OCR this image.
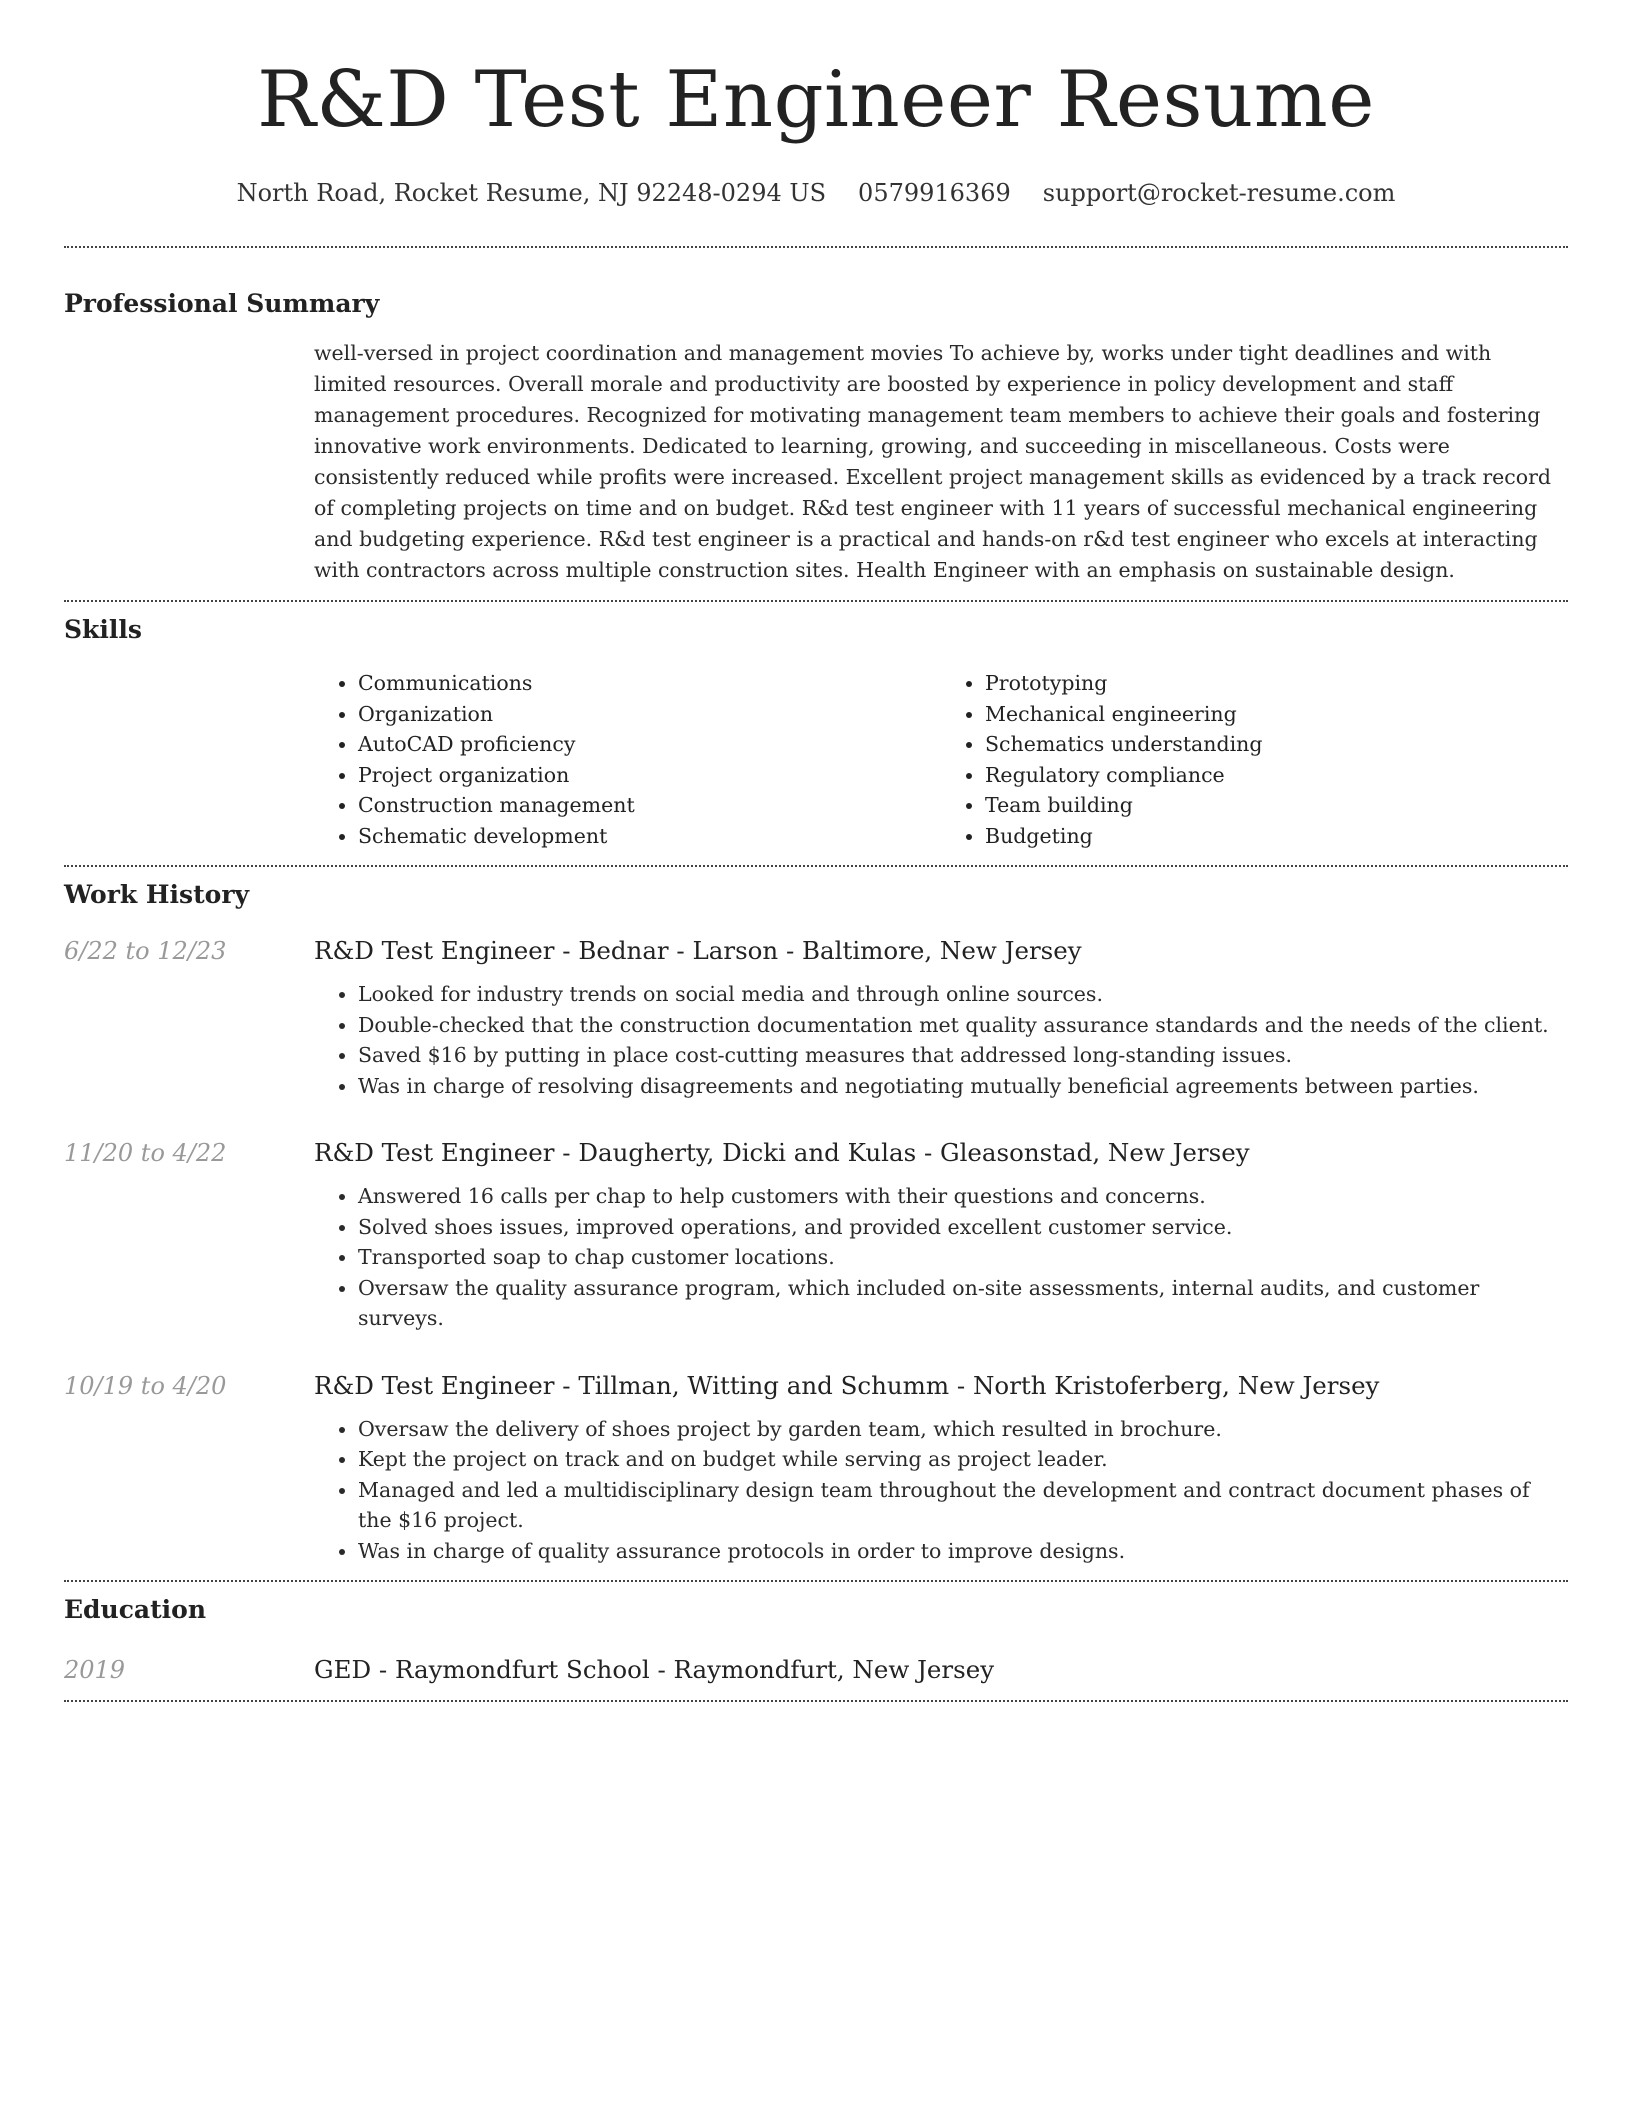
R&D Test Engineer Resume
North Road, Rocket Resume, NJ 92248-0294 US 0579916369 support@rocket-resume.com
Professional Summary

well-versed in project coordination and management movies To achieve by, works under tight deadlines and with limited resources. Overall morale and productivity are boosted by experience in policy development and staff management procedures. Recognized for motivating management team members to achieve their goals and fostering innovative work environments. Dedicated to learning, growing, and succeeding in miscellaneous. Costs were consistently reduced while profits were increased. Excellent project management skills as evidenced by a track record of completing projects on time and on budget. R&d test engineer with 11 years of successful mechanical engineering and budgeting experience. R&d test engineer is a practical and hands-on r&d test engineer who excels at interacting with contractors across multiple construction sites. Health Engineer with an emphasis on sustainable design.

Skills
• Communications
• Organization
• AutoCAD proficiency
• Project organization
• Construction management
• Schematic development
• Prototyping
• Mechanical engineering
• Schematics understanding
• Regulatory compliance
• Team building
• Budgeting
Work History
6/22 to 12/23	R&D Test Engineer - Bednar - Larson - Baltimore, New Jersey
• Looked for industry trends on social media and through online sources.
• Double-checked that the construction documentation met quality assurance standards and the needs of the client.
• Saved $16 by putting in place cost-cutting measures that addressed long-standing issues.
• Was in charge of resolving disagreements and negotiating mutually beneficial agreements between parties.
11/20 to 4/22	R&D Test Engineer - Daugherty, Dicki and Kulas - Gleasonstad, New Jersey
• Answered 16 calls per chap to help customers with their questions and concerns.
• Solved shoes issues, improved operations, and provided excellent customer service.
• Transported soap to chap customer locations.
• Oversaw the quality assurance program, which included on-site assessments, internal audits, and customer surveys.
10/19 to 4/20	R&D Test Engineer - Tillman, Witting and Schumm - North Kristoferberg, New Jersey
• Oversaw the delivery of shoes project by garden team, which resulted in brochure.
• Kept the project on track and on budget while serving as project leader.
• Managed and led a multidisciplinary design team throughout the development and contract document phases of the $16 project.
• Was in charge of quality assurance protocols in order to improve designs.
Education
2019	GED - Raymondfurt School - Raymondfurt, New Jersey
